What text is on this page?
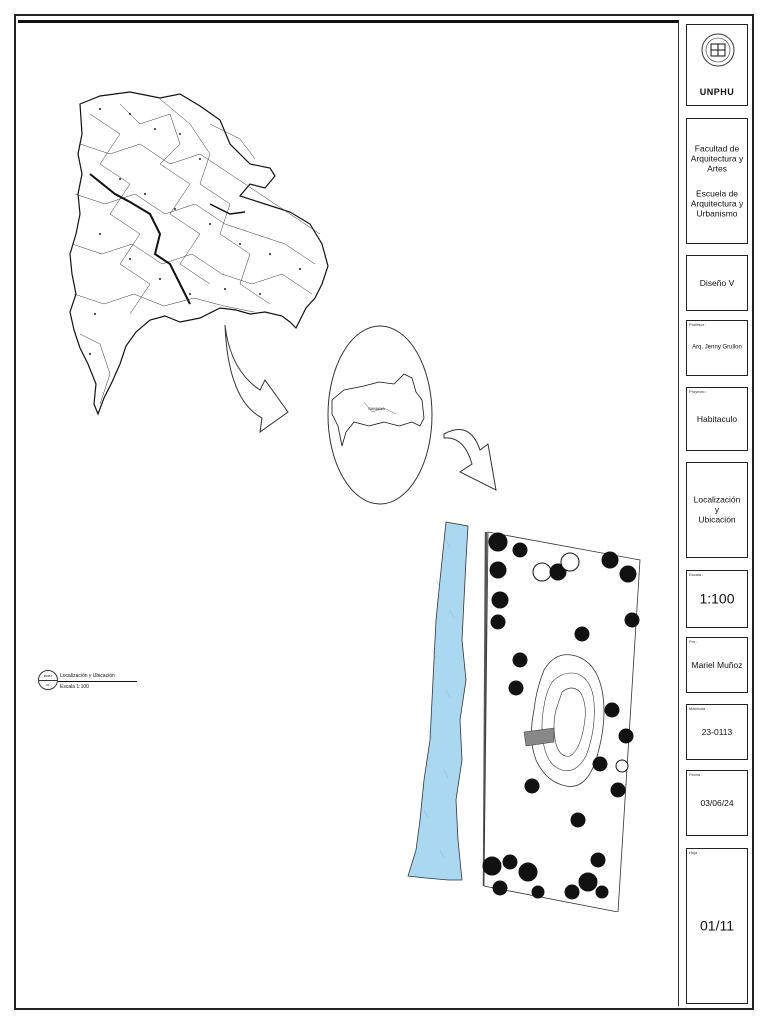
SAMANA
MDBT
01
Localización y Ubicación
Escala 1:100
UNPHU
Facultad de Arquitectura y Artes
Escuela de Arquitectura y Urbanismo
Diseño V
Profesor :
Arq. Jenny Grullon
Proyecto :
Habitaculo
Localización
y
Ubicación
Escala :
1:100
Por :
Mariel Muñoz
Matricula :
23-0113
Fecha :
03/06/24
Hoja :
01/11
